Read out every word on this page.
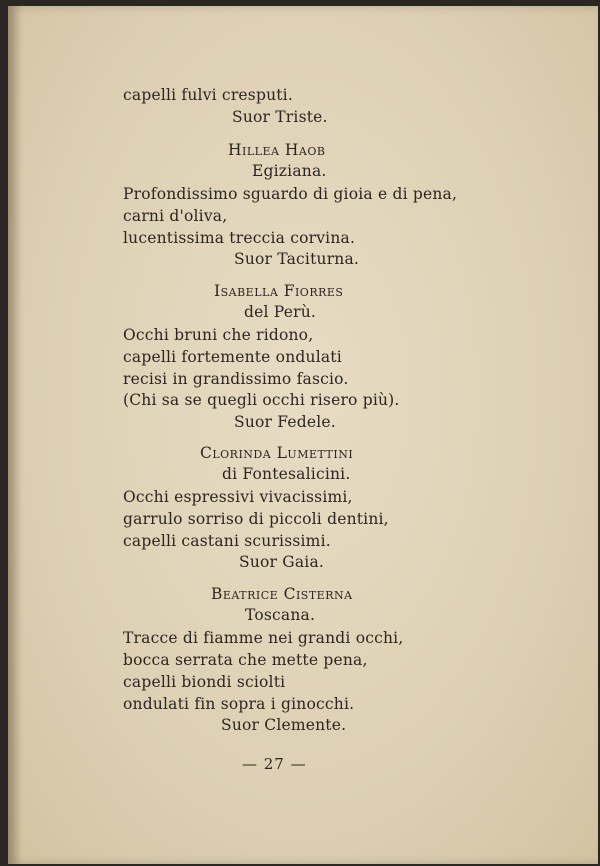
capelli fulvi cresputi.
Suor Triste.
Hillea Haob
Egiziana.
Profondissimo sguardo di gioia e di pena,
carni d'oliva,
lucentissima treccia corvina.
Suor Taciturna.
Isabella Fiorres
del Perù.
Occhi bruni che ridono,
capelli fortemente ondulati
recisi in grandissimo fascio.
(Chi sa se quegli occhi risero più).
Suor Fedele.
Clorinda Lumettini
di Fontesalicini.
Occhi espressivi vivacissimi,
garrulo sorriso di piccoli dentini,
capelli castani scurissimi.
Suor Gaia.
Beatrice Cisterna
Toscana.
Tracce di fiamme nei grandi occhi,
bocca serrata che mette pena,
capelli biondi sciolti
ondulati fin sopra i ginocchi.
Suor Clemente.
— 27 —
